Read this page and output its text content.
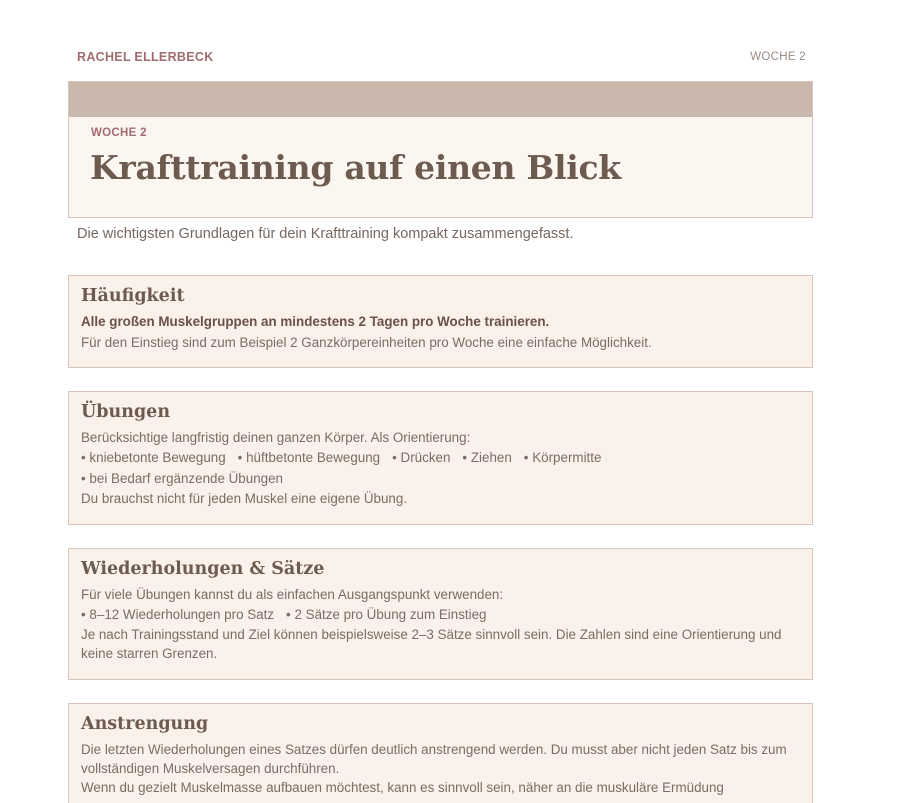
RACHEL ELLERBECK	WOCHE 2
WOCHE 2
Krafttraining auf einen Blick
Die wichtigsten Grundlagen für dein Krafttraining kompakt zusammengefasst.
Häufigkeit

Alle großen Muskelgruppen an mindestens 2 Tagen pro Woche trainieren.

Für den Einstieg sind zum Beispiel 2 Ganzkörpereinheiten pro Woche eine einfache Möglichkeit.

Übungen

Berücksichtige langfristig deinen ganzen Körper. Als Orientierung:

• kniebetonte Bewegung	• hüftbetonte Bewegung	• Drücken	• Ziehen	• Körpermitte
• bei Bedarf ergänzende Übungen

Du brauchst nicht für jeden Muskel eine eigene Übung.

Wiederholungen & Sätze

Für viele Übungen kannst du als einfachen Ausgangspunkt verwenden:

• 8–12 Wiederholungen pro Satz	• 2 Sätze pro Übung zum Einstieg

Je nach Trainingsstand und Ziel können beispielsweise 2–3 Sätze sinnvoll sein. Die Zahlen sind eine Orientierung und keine starren Grenzen.

Anstrengung

Die letzten Wiederholungen eines Satzes dürfen deutlich anstrengend werden. Du musst aber nicht jeden Satz bis zum vollständigen Muskelversagen durchführen.

Wenn du gezielt Muskelmasse aufbauen möchtest, kann es sinnvoll sein, näher an die muskuläre Ermüdung
